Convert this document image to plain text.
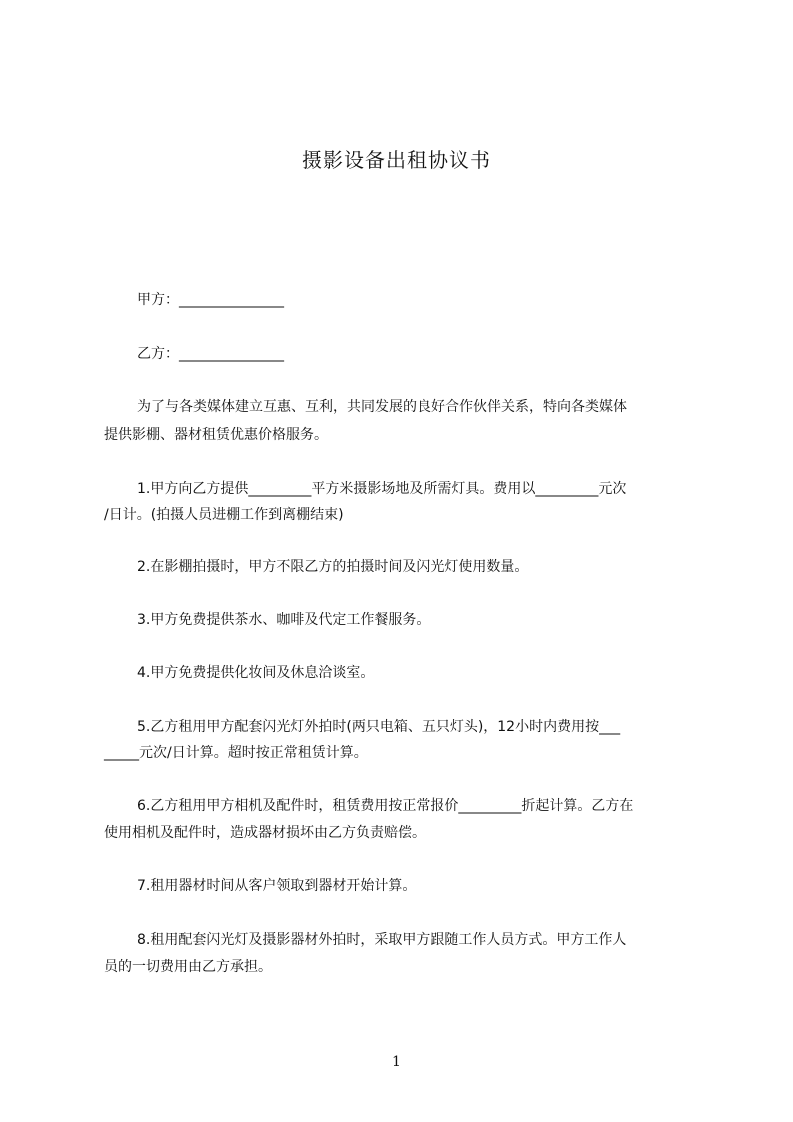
摄影设备出租协议书
甲方：_______________
乙方：_______________
为了与各类媒体建立互惠、互利，共同发展的良好合作伙伴关系，特向各类媒体
提供影棚、器材租赁优惠价格服务。
1.甲方向乙方提供_________平方米摄影场地及所需灯具。费用以_________元次
/日计。(拍摄人员进棚工作到离棚结束)
2.在影棚拍摄时，甲方不限乙方的拍摄时间及闪光灯使用数量。
3.甲方免费提供茶水、咖啡及代定工作餐服务。
4.甲方免费提供化妆间及休息洽谈室。
5.乙方租用甲方配套闪光灯外拍时(两只电箱、五只灯头)，12小时内费用按___
_____元次/日计算。超时按正常租赁计算。
6.乙方租用甲方相机及配件时，租赁费用按正常报价_________折起计算。乙方在
使用相机及配件时，造成器材损坏由乙方负责赔偿。
7.租用器材时间从客户领取到器材开始计算。
8.租用配套闪光灯及摄影器材外拍时，采取甲方跟随工作人员方式。甲方工作人
员的一切费用由乙方承担。
1
